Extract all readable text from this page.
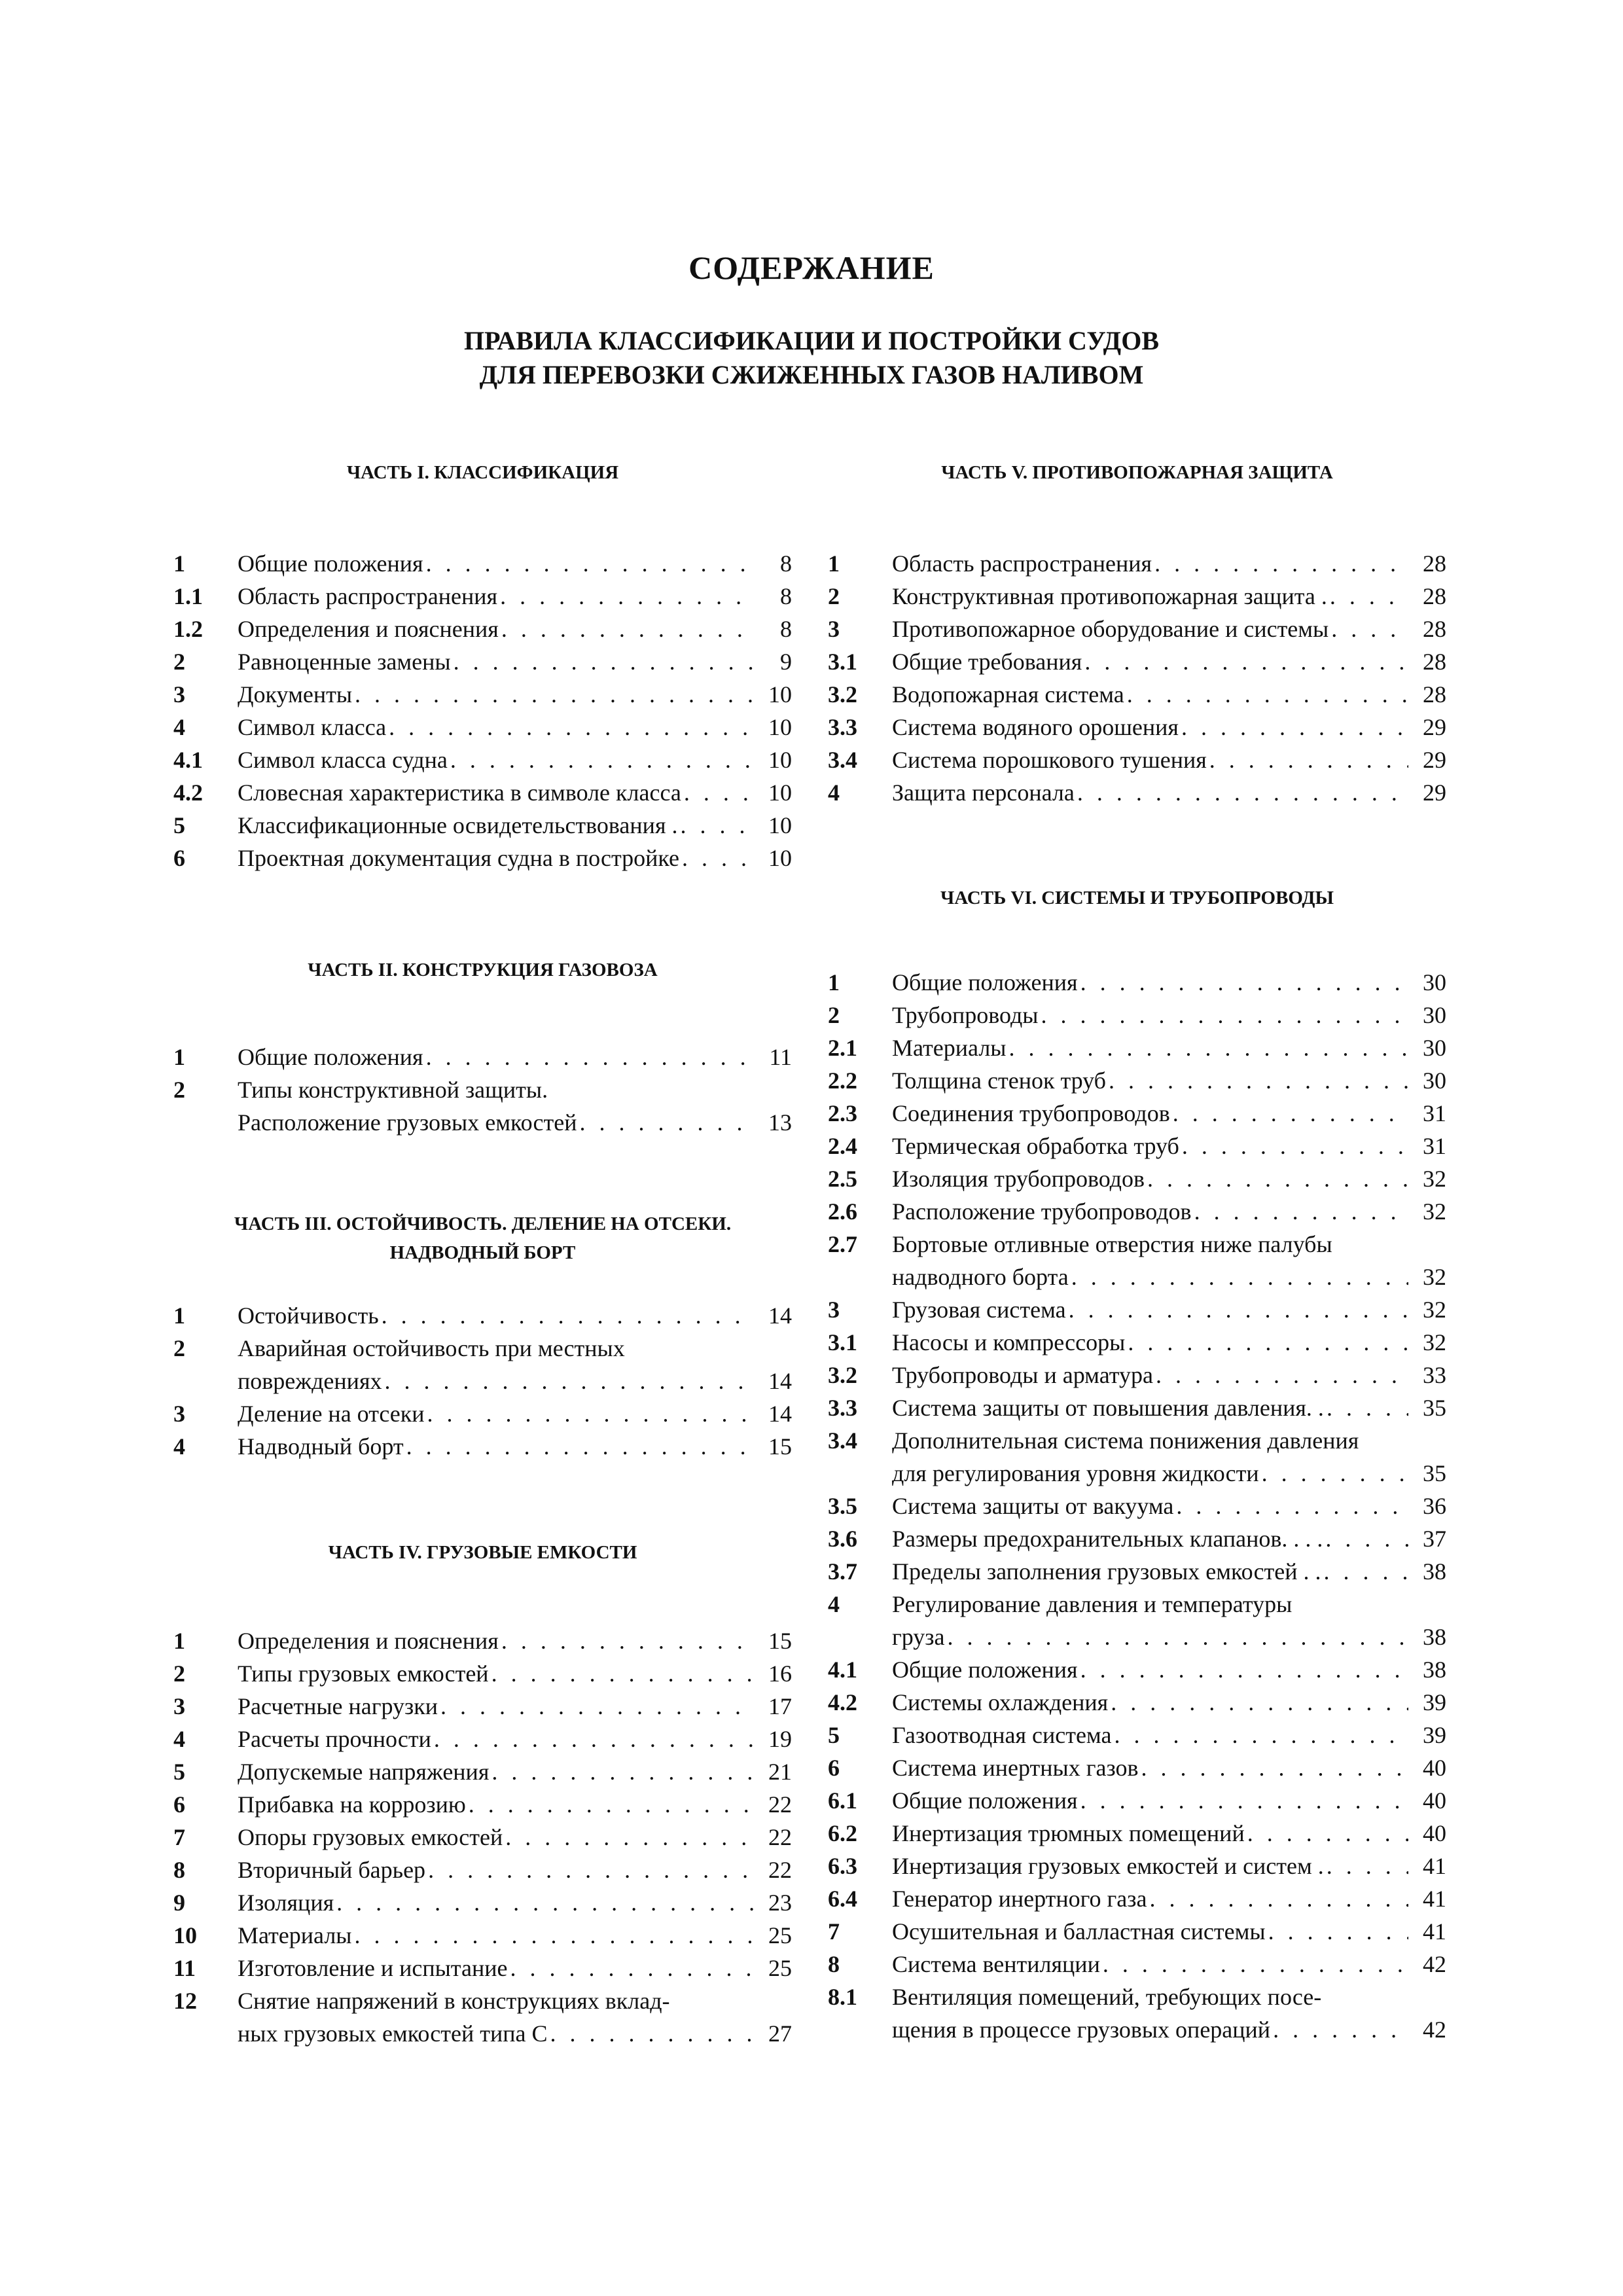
СОДЕРЖАНИЕ
ПРАВИЛА КЛАССИФИКАЦИИ И ПОСТРОЙКИ СУДОВ
ДЛЯ ПЕРЕВОЗКИ СЖИЖЕННЫХ ГАЗОВ НАЛИВОМ
ЧАСТЬ I. КЛАССИФИКАЦИЯ
1	Общие положения . . .	8
1.1	Область распространения . . .	8
1.2	Определения и пояснения . . .	8
2	Равноценные замены . . .	9
3	Документы . . .	10
4	Символ класса . . .	10
4.1	Символ класса судна . . .	10
4.2	Словесная характеристика в символе класса . . .	10
5	Классификационные освидетельствования . . . .	10
6	Проектная документация судна в постройке . . .	10
ЧАСТЬ II. КОНСТРУКЦИЯ ГАЗОВОЗА
1	Общие положения . . .	11
2	Типы конструктивной защиты.
Расположение грузовых емкостей . . .	13
ЧАСТЬ III. ОСТОЙЧИВОСТЬ. ДЕЛЕНИЕ НА ОТСЕКИ.
НАДВОДНЫЙ БОРТ
1	Остойчивость . . .	14
2	Аварийная остойчивость при местных
повреждениях . . .	14
3	Деление на отсеки . . .	14
4	Надводный борт . . .	15
ЧАСТЬ IV. ГРУЗОВЫЕ ЕМКОСТИ
1	Определения и пояснения . . .	15
2	Типы грузовых емкостей . . .	16
3	Расчетные нагрузки . . .	17
4	Расчеты прочности . . .	19
5	Допускемые напряжения . . .	21
6	Прибавка на коррозию . . .	22
7	Опоры грузовых емкостей . . .	22
8	Вторичный барьер . . .	22
9	Изоляция . . .	23
10	Материалы . . .	25
11	Изготовление и испытание . . .	25
12	Снятие напряжений в конструкциях вклад-
ных грузовых емкостей типа С . . .	27
ЧАСТЬ V. ПРОТИВОПОЖАРНАЯ ЗАЩИТА
1	Область распространения . . .	28
2	Конструктивная противопожарная защита . . . .	28
3	Противопожарное оборудование и системы . . .	28
3.1	Общие требования . . .	28
3.2	Водопожарная система . . .	28
3.3	Система водяного орошения . . .	29
3.4	Система порошкового тушения . . .	29
4	Защита персонала . . .	29
ЧАСТЬ VI. СИСТЕМЫ И ТРУБОПРОВОДЫ
1	Общие положения . . .	30
2	Трубопроводы . . .	30
2.1	Материалы . . .	30
2.2	Толщина стенок труб . . .	30
2.3	Соединения трубопроводов . . .	31
2.4	Термическая обработка труб . . .	31
2.5	Изоляция трубопроводов . . .	32
2.6	Расположение трубопроводов . . .	32
2.7	Бортовые отливные отверстия ниже палубы
надводного борта . . .	32
3	Грузовая система . . .	32
3.1	Насосы и компрессоры . . .	32
3.2	Трубопроводы и арматура . . .	33
3.3	Система защиты от повышения давления. . . . .	35
3.4	Дополнительная система понижения давления
для регулирования уровня жидкости . . .	35
3.5	Система защиты от вакуума . . .	36
3.6	Размеры предохранительных клапанов. . . . . . .	37
3.7	Пределы заполнения грузовых емкостей . . . . .	38
4	Регулирование давления и температуры
груза . . .	38
4.1	Общие положения . . .	38
4.2	Системы охлаждения . . .	39
5	Газоотводная система . . .	39
6	Система инертных газов . . .	40
6.1	Общие положения . . .	40
6.2	Инертизация трюмных помещений . . .	40
6.3	Инертизация грузовых емкостей и систем . . . .	41
6.4	Генератор инертного газа . . .	41
7	Осушительная и балластная системы . . .	41
8	Система вентиляции . . .	42
8.1	Вентиляция помещений, требующих посе-
щения в процессе грузовых операций . . .	42
